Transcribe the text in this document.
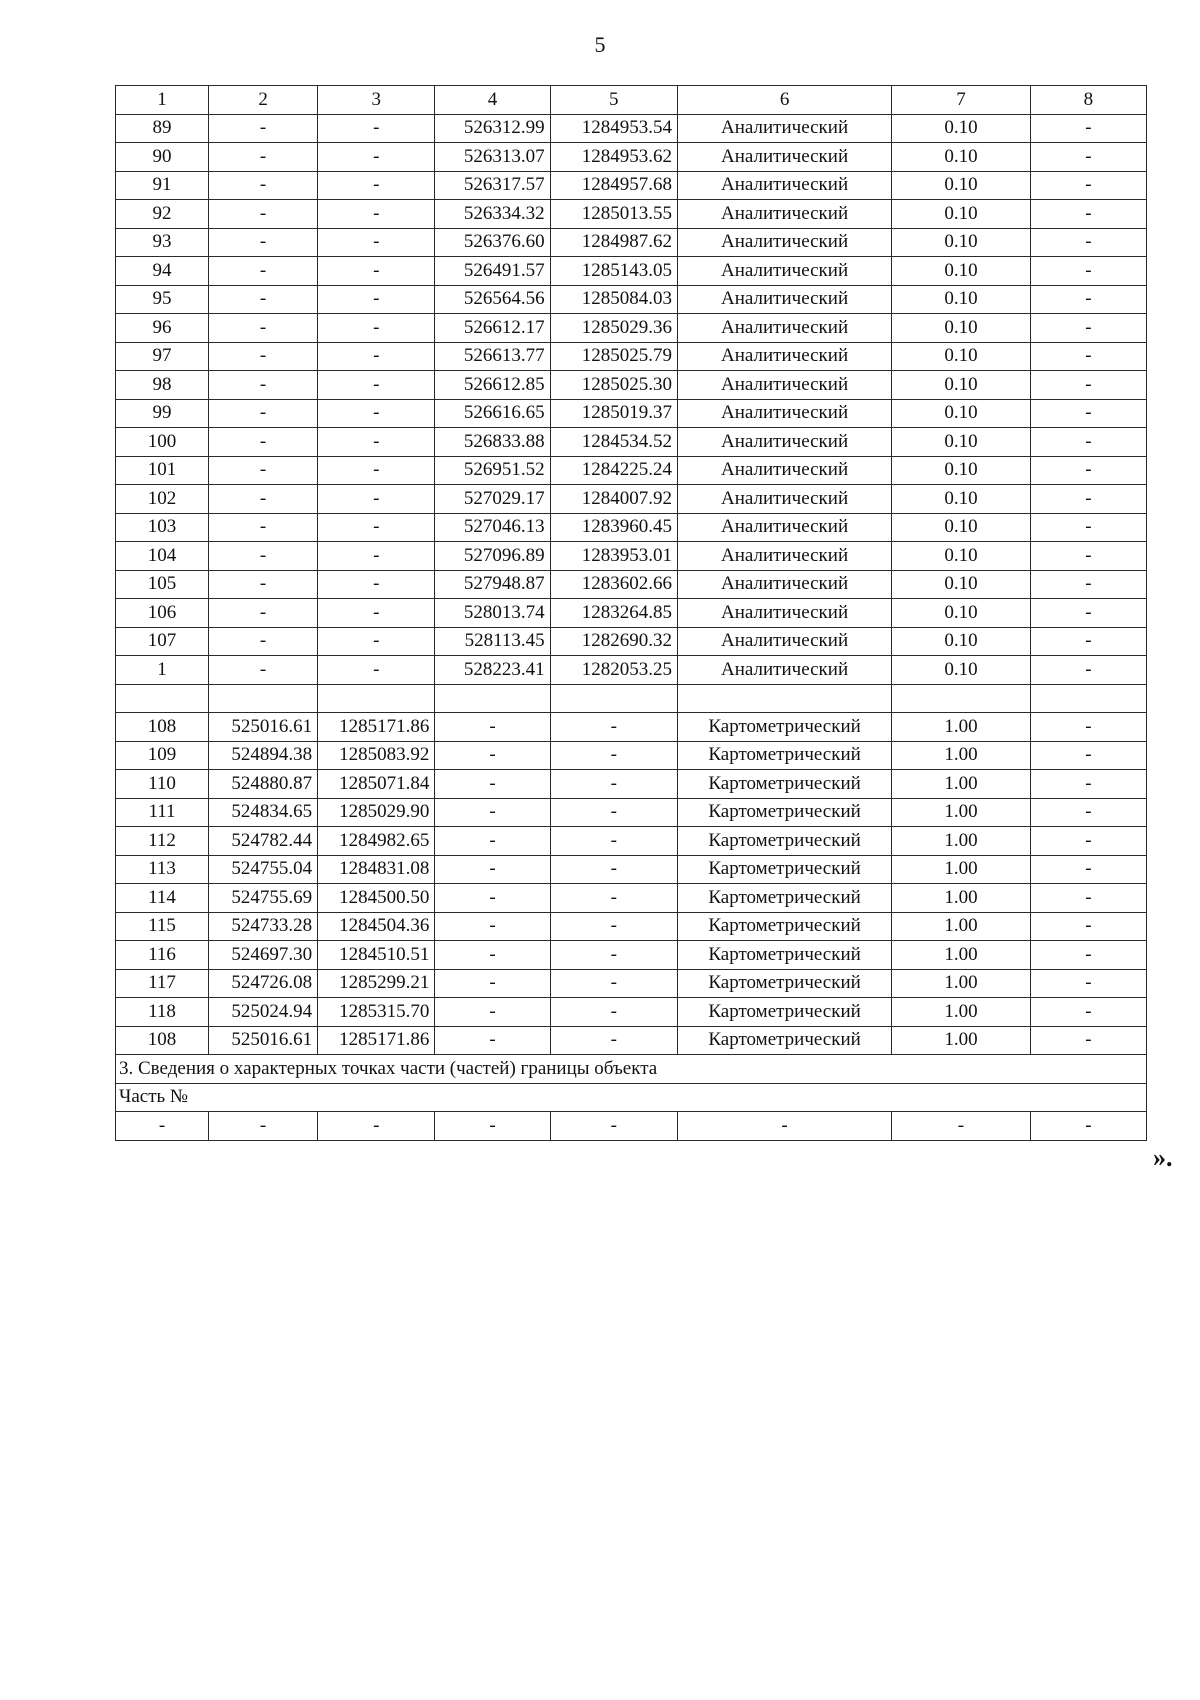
5
1	2	3	4	5	6	7	8
89	-	-	526312.99	1284953.54	Аналитический	0.10	-
90	-	-	526313.07	1284953.62	Аналитический	0.10	-
91	-	-	526317.57	1284957.68	Аналитический	0.10	-
92	-	-	526334.32	1285013.55	Аналитический	0.10	-
93	-	-	526376.60	1284987.62	Аналитический	0.10	-
94	-	-	526491.57	1285143.05	Аналитический	0.10	-
95	-	-	526564.56	1285084.03	Аналитический	0.10	-
96	-	-	526612.17	1285029.36	Аналитический	0.10	-
97	-	-	526613.77	1285025.79	Аналитический	0.10	-
98	-	-	526612.85	1285025.30	Аналитический	0.10	-
99	-	-	526616.65	1285019.37	Аналитический	0.10	-
100	-	-	526833.88	1284534.52	Аналитический	0.10	-
101	-	-	526951.52	1284225.24	Аналитический	0.10	-
102	-	-	527029.17	1284007.92	Аналитический	0.10	-
103	-	-	527046.13	1283960.45	Аналитический	0.10	-
104	-	-	527096.89	1283953.01	Аналитический	0.10	-
105	-	-	527948.87	1283602.66	Аналитический	0.10	-
106	-	-	528013.74	1283264.85	Аналитический	0.10	-
107	-	-	528113.45	1282690.32	Аналитический	0.10	-
1	-	-	528223.41	1282053.25	Аналитический	0.10	-

108	525016.61	1285171.86	-	-	Картометрический	1.00	-
109	524894.38	1285083.92	-	-	Картометрический	1.00	-
110	524880.87	1285071.84	-	-	Картометрический	1.00	-
111	524834.65	1285029.90	-	-	Картометрический	1.00	-
112	524782.44	1284982.65	-	-	Картометрический	1.00	-
113	524755.04	1284831.08	-	-	Картометрический	1.00	-
114	524755.69	1284500.50	-	-	Картометрический	1.00	-
115	524733.28	1284504.36	-	-	Картометрический	1.00	-
116	524697.30	1284510.51	-	-	Картометрический	1.00	-
117	524726.08	1285299.21	-	-	Картометрический	1.00	-
118	525024.94	1285315.70	-	-	Картометрический	1.00	-
108	525016.61	1285171.86	-	-	Картометрический	1.00	-
3. Сведения о характерных точках части (частей) границы объекта							
Часть №							
-	-	-	-	-	-	-	-
».
